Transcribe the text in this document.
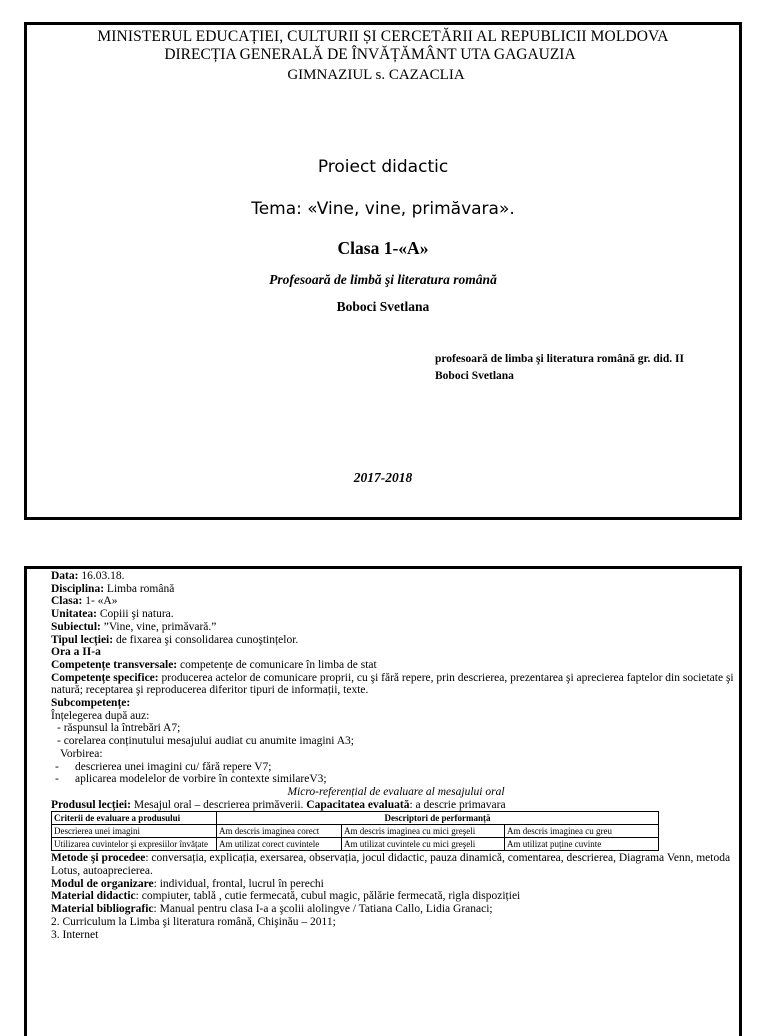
MINISTERUL EDUCAȚIEI, CULTURII ȘI CERCETĂRII AL REPUBLICII MOLDOVA
DIRECȚIA GENERALĂ DE ÎNVĂȚĂMÂNT UTA GAGAUZIA
GIMNAZIUL s. CAZACLIA
Proiect didactic
Tema: «Vine, vine, primăvara».
Clasa 1-«A»
Profesoară de limbă şi literatura română
Boboci Svetlana
profesoară de limba şi literatura română gr. did. II
Boboci Svetlana
2017-2018
Data: 16.03.18.
Disciplina: Limba română
Clasa: 1- «A»
Unitatea: Copiii şi natura.
Subiectul: ”Vine, vine, primăvară.”
Tipul lecției: de fixarea şi consolidarea cunoştințelor.
Ora a II-a
Competențe transversale: competențe de comunicare în limba de stat
Competențe specifice: producerea actelor de comunicare proprii, cu şi fără repere, prin descrierea, prezentarea şi aprecierea faptelor din societate şi natură; receptarea şi reproducerea diferitor tipuri de informații, texte.
Subcompetențe:
Înțelegerea după auz:
- răspunsul la întrebări A7;
- corelarea conținutului mesajului audiat cu anumite imagini A3;
Vorbirea:
- descrierea unei imagini cu/ fără repere V7;
- aplicarea modelelor de vorbire în contexte similareV3;
Micro-referențial de evaluare al mesajului oral
Produsul lecției: Mesajul oral – descrierea primăverii. Capacitatea evaluată: a descrie primavara
Criterii de evaluare a produsului	Descriptori de performanță		
Descrierea unei imagini	Am descris imaginea corect	Am descris imaginea cu mici greşeli	Am descris imaginea cu greu
Utilizarea cuvintelor şi expresiilor învățate	Am utilizat corect cuvintele	Am utilizat cuvintele cu mici greşeli	Am utilizat puține cuvinte
Metode şi procedee: conversația, explicația, exersarea, observația, jocul didactic, pauza dinamică, comentarea, descrierea, Diagrama Venn, metoda Lotus, autoaprecierea.
Modul de organizare: individual, frontal, lucrul în perechi
Material didactic: compiuter, tablă , cutie fermecată, cubul magic, pălărie fermecată, rigla dispoziției
Material bibliografic: Manual pentru clasa I-a a şcolii alolingve / Tatiana Callo, Lidia Granaci;
2. Curriculum la Limba şi literatura română, Chişinău – 2011;
3. Internet
